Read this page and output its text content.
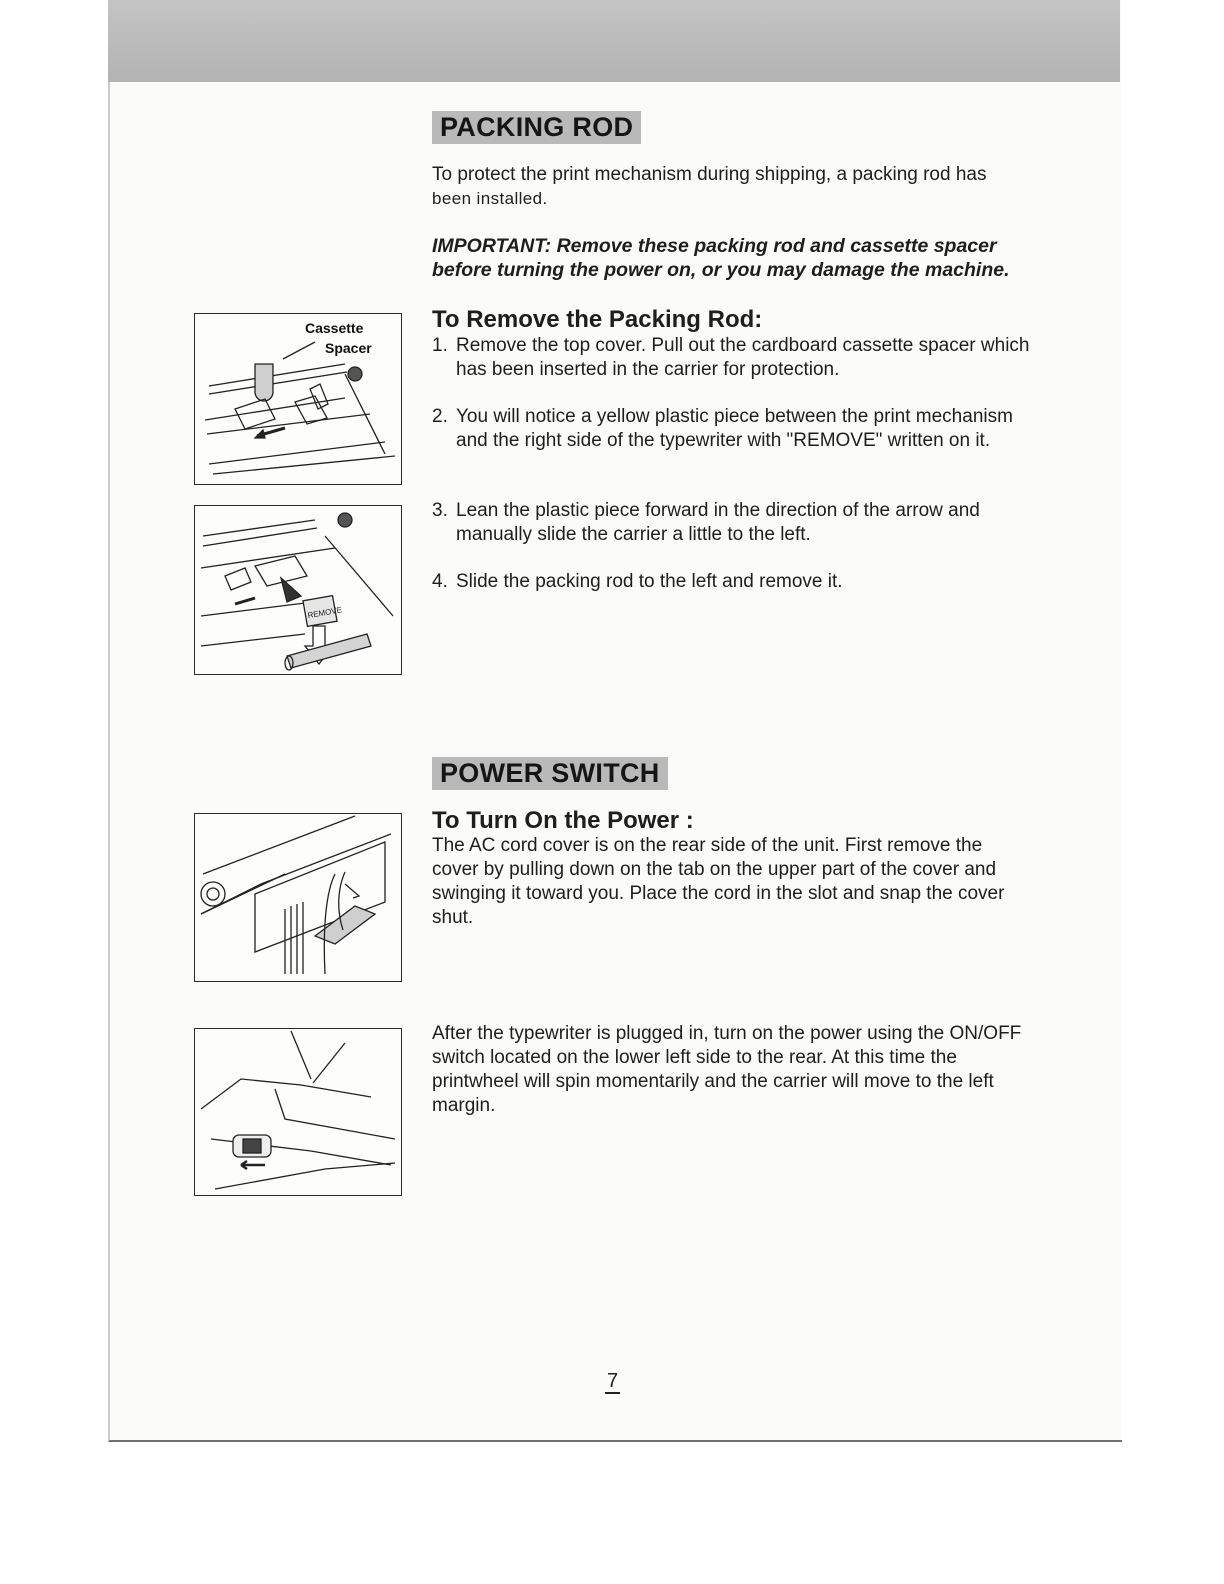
PACKING ROD
To protect the print mechanism during shipping, a packing rod has
been installed.
IMPORTANT: Remove these packing rod and cassette spacer
before turning the power on, or you may damage the machine.
To Remove the Packing Rod:
1. Remove the top cover. Pull out the cardboard cassette spacer which has been inserted in the carrier for protection.
2. You will notice a yellow plastic piece between the print mechanism and the right side of the typewriter with "REMOVE" written on it.
3. Lean the plastic piece forward in the direction of the arrow and manually slide the carrier a little to the left.
4. Slide the packing rod to the left and remove it.
Cassette
Spacer
REMOVE
POWER SWITCH
To Turn On the Power :
The AC cord cover is on the rear side of the unit. First remove the cover by pulling down on the tab on the upper part of the cover and swinging it toward you. Place the cord in the slot and snap the cover shut.
After the typewriter is plugged in, turn on the power using the ON/OFF switch located on the lower left side to the rear. At this time the printwheel will spin momentarily and the carrier will move to the left margin.
7
